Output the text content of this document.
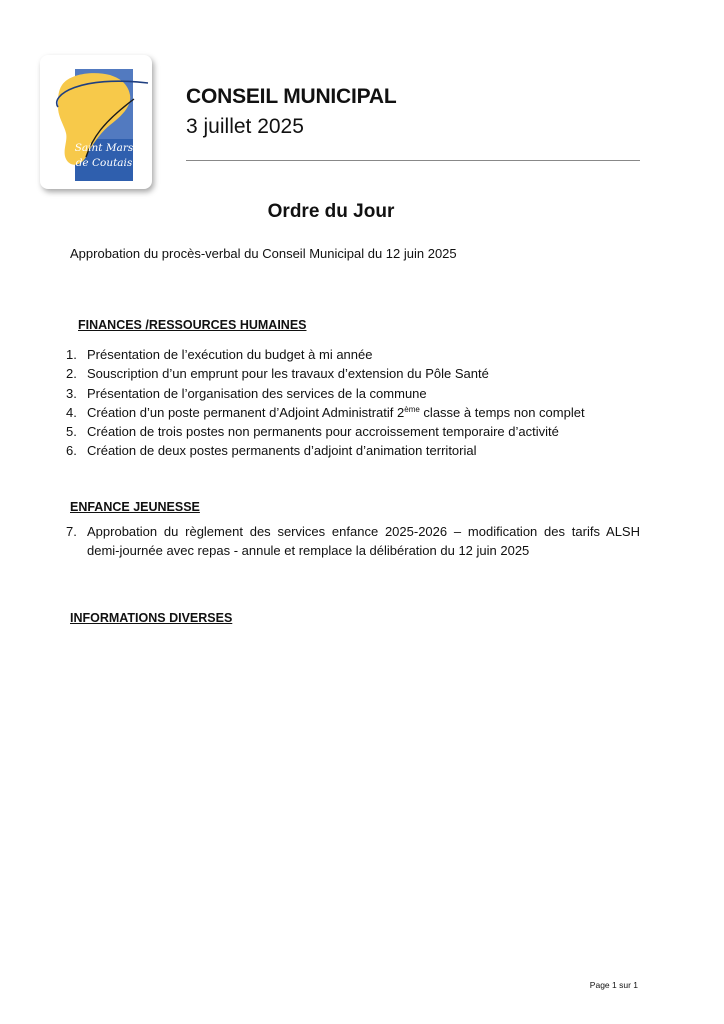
Saint Mars
de Coutais
CONSEIL MUNICIPAL
3 juillet 2025
Ordre du Jour
Approbation du procès-verbal du Conseil Municipal du 12 juin 2025
FINANCES /RESSOURCES HUMAINES
1. Présentation de l’exécution du budget à mi année
2. Souscription d’un emprunt pour les travaux d’extension du Pôle Santé
3. Présentation de l’organisation des services de la commune
4. Création d’un poste permanent d’Adjoint Administratif 2ème classe à temps non complet
5. Création de trois postes non permanents pour accroissement temporaire d’activité
6. Création de deux postes permanents d’adjoint d’animation territorial
ENFANCE JEUNESSE
7. Approbation du règlement des services enfance 2025-2026 – modification des tarifs ALSH demi-journée avec repas - annule et remplace la délibération du 12 juin 2025
INFORMATIONS DIVERSES
Page 1 sur 1
